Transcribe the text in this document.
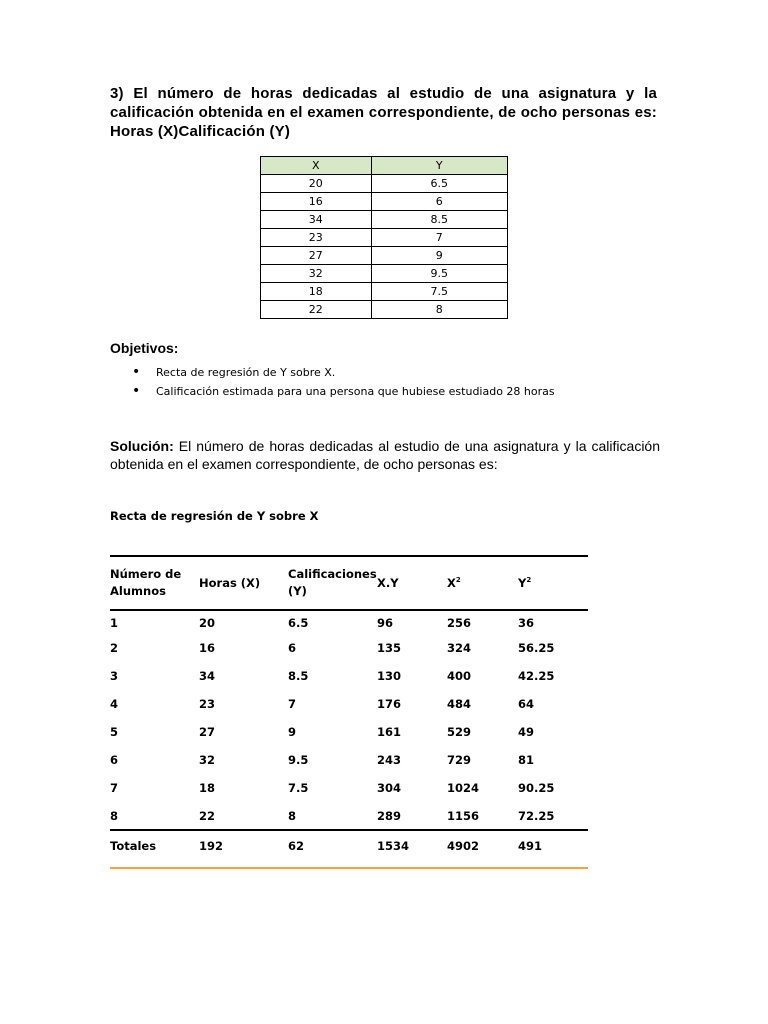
3) El número de horas dedicadas al estudio de una asignatura y la calificación obtenida en el examen correspondiente, de ocho personas es: Horas (X)Calificación (Y)

X	Y
20	6.5
16	6
34	8.5
23	7
27	9
32	9.5
18	7.5
22	8
Objetivos:
• Recta de regresión de Y sobre X.
• Calificación estimada para una persona que hubiese estudiado 28 horas
Solución: El número de horas dedicadas al estudio de una asignatura y la calificación obtenida en el examen correspondiente, de ocho personas es:
Recta de regresión de Y sobre X
Número de Alumnos	Horas (X)	Calificaciones (Y)	X.Y	$X^2$	$Y^2$
1	20	6.5	96	256	36
2	16	6	135	324	56.25
3	34	8.5	130	400	42.25
4	23	7	176	484	64
5	27	9	161	529	49
6	32	9.5	243	729	81
7	18	7.5	304	1024	90.25
8	22	8	289	1156	72.25
Totales	192	62	1534	4902	491
